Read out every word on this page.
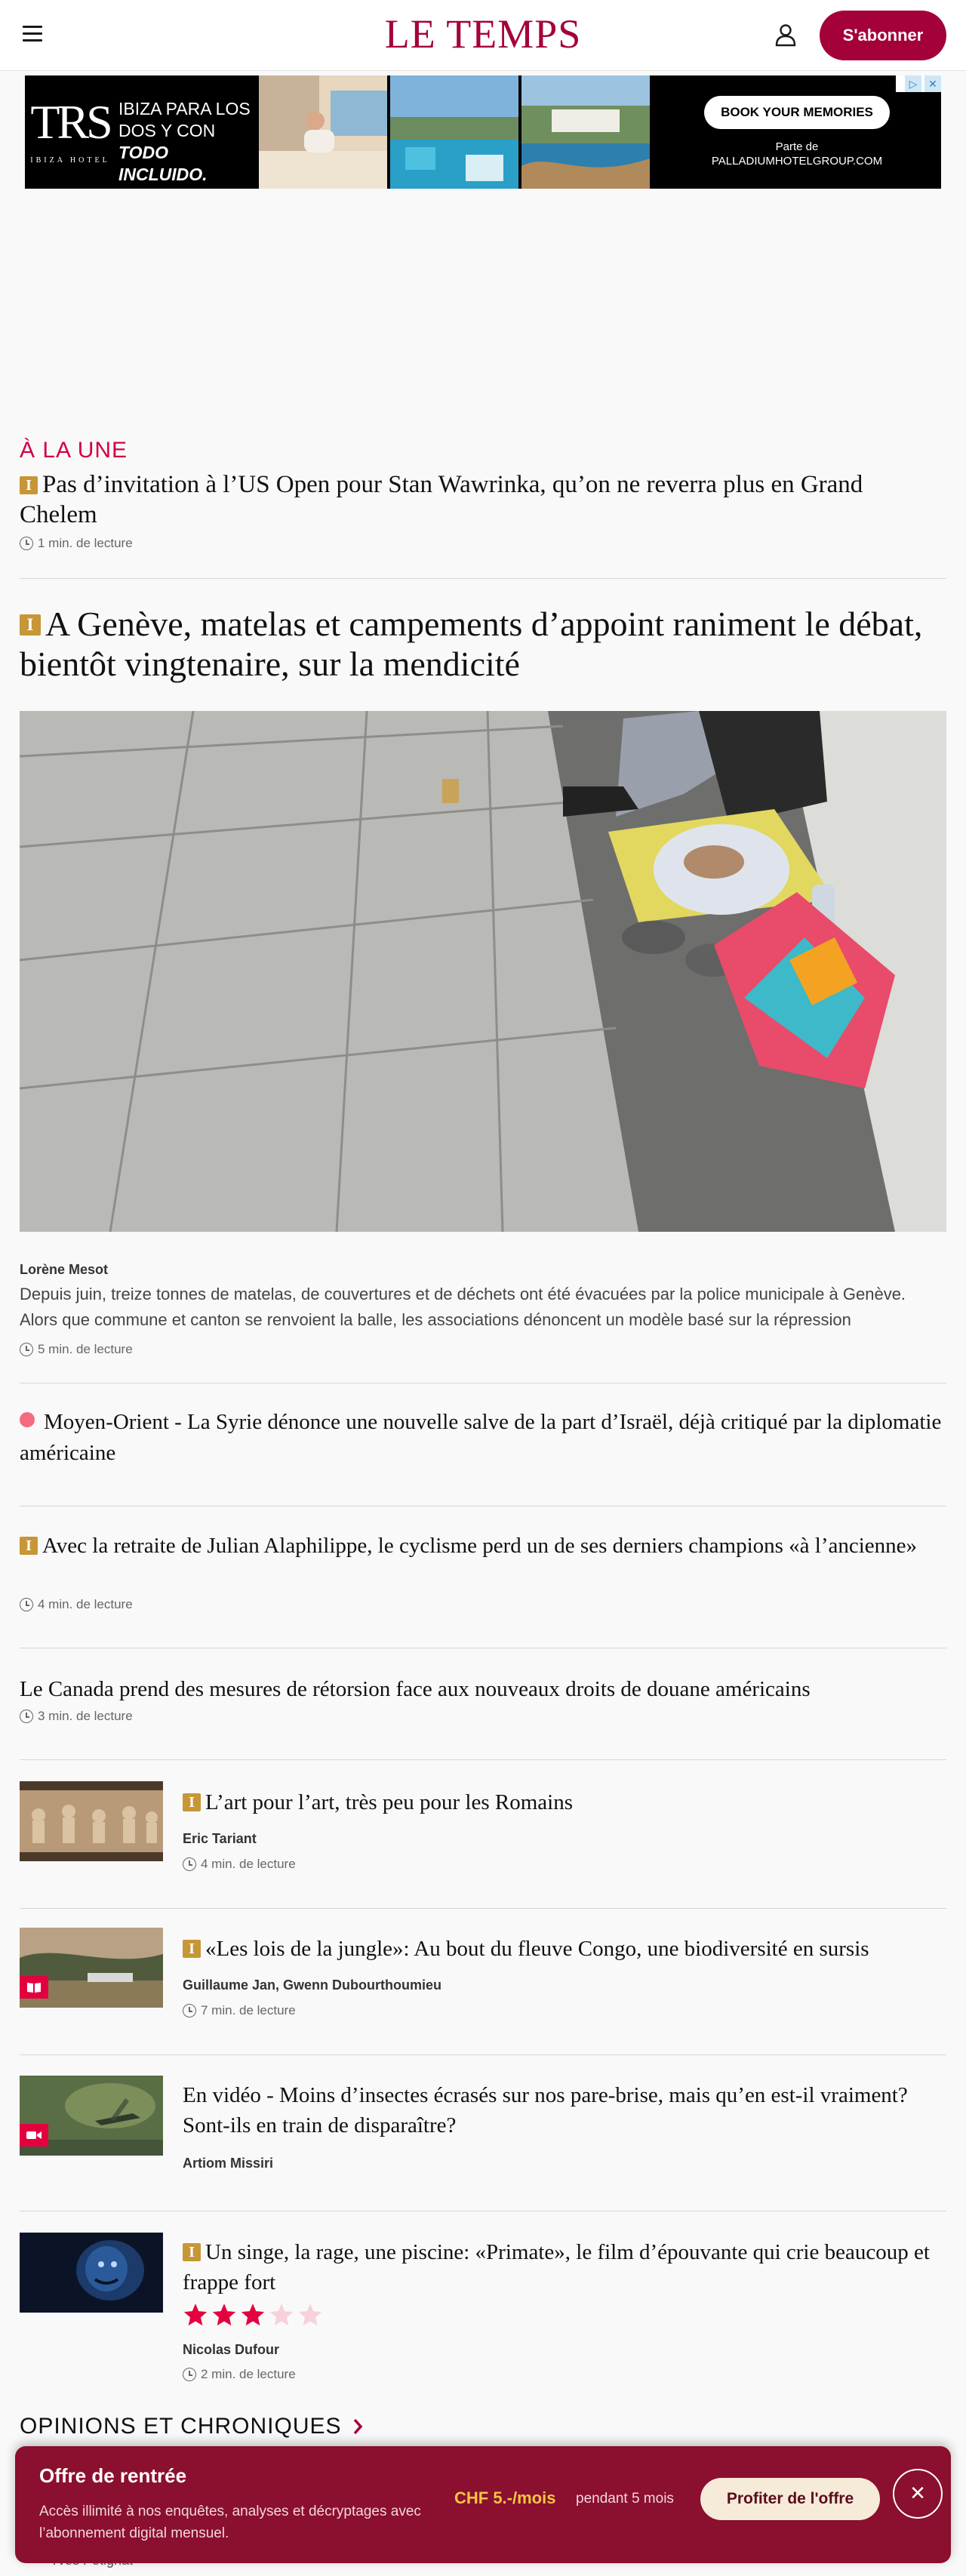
LE TEMPS	S'abonner
TRS
IBIZA HOTEL
IBIZA PARA LOS DOS Y CON
TODO INCLUIDO.
BOOK YOUR MEMORIES
Parte de
PALLADIUMHOTELGROUP.COM
▷	✕
À LA UNE
I Pas d’invitation à l’US Open pour Stan Wawrinka, qu’on ne reverra plus en Grand Chelem
1 min. de lecture
I A Genève, matelas et campements d’appoint raniment le débat, bientôt vingtenaire, sur la mendicité
Lorène Mesot
Depuis juin, treize tonnes de matelas, de couvertures et de déchets ont été évacuées par la police municipale à Genève. Alors que commune et canton se renvoient la balle, les associations dénoncent un modèle basé sur la répression
5 min. de lecture
Moyen-Orient - La Syrie dénonce une nouvelle salve de la part d’Israël, déjà critiqué par la diplomatie américaine
I Avec la retraite de Julian Alaphilippe, le cyclisme perd un de ses derniers champions «à l’ancienne»
4 min. de lecture
Le Canada prend des mesures de rétorsion face aux nouveaux droits de douane américains
3 min. de lecture
I L’art pour l’art, très peu pour les Romains
Eric Tariant
4 min. de lecture
I «Les lois de la jungle»: Au bout du fleuve Congo, une biodiversité en sursis
Guillaume Jan, Gwenn Dubourthoumieu
7 min. de lecture
En vidéo - Moins d’insectes écrasés sur nos pare-brise, mais qu’en est-il vraiment? Sont-ils en train de disparaître?
Artiom Missiri
I Un singe, la rage, une piscine: «Primate», le film d’épouvante qui crie beaucoup et frappe fort
Nicolas Dufour
2 min. de lecture
OPINIONS ET CHRONIQUES
Offre de rentrée
Accès illimité à nos enquêtes, analyses et décryptages avec l’abonnement digital mensuel.
CHF 5.-/mois pendant 5 mois	Profiter de l'offre	✕
